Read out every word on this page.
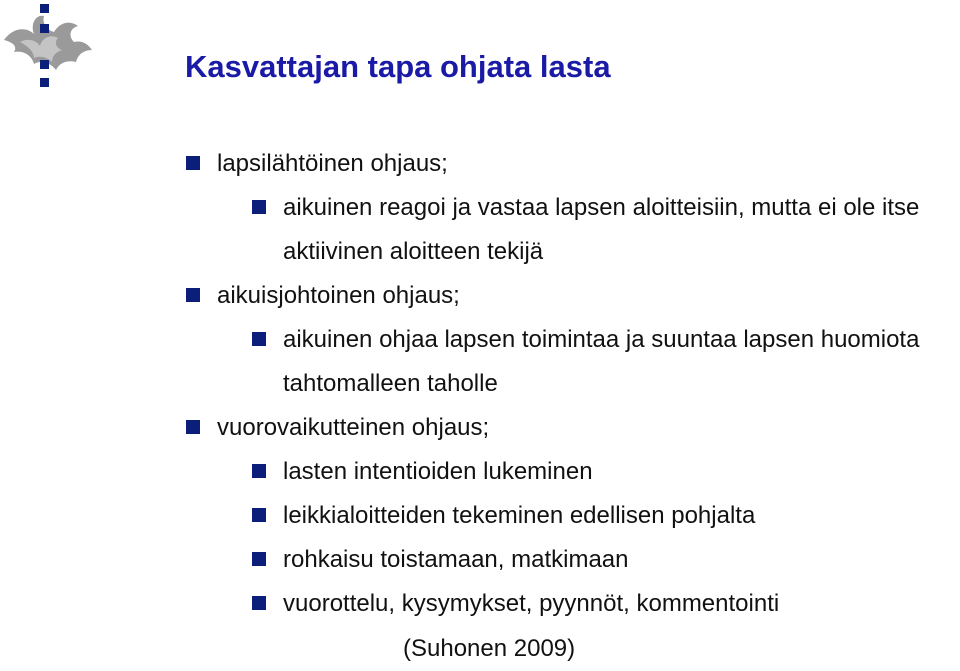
Kasvattajan tapa ohjata lasta
lapsilähtöinen ohjaus;
aikuinen reagoi ja vastaa lapsen aloitteisiin, mutta ei ole itse aktiivinen aloitteen tekijä
aikuisjohtoinen ohjaus;
aikuinen ohjaa lapsen toimintaa ja suuntaa lapsen huomiota tahtomalleen taholle
vuorovaikutteinen ohjaus;
lasten intentioiden lukeminen
leikkialoitteiden tekeminen edellisen pohjalta
rohkaisu toistamaan, matkimaan
vuorottelu, kysymykset, pyynnöt, kommentointi
(Suhonen 2009)
